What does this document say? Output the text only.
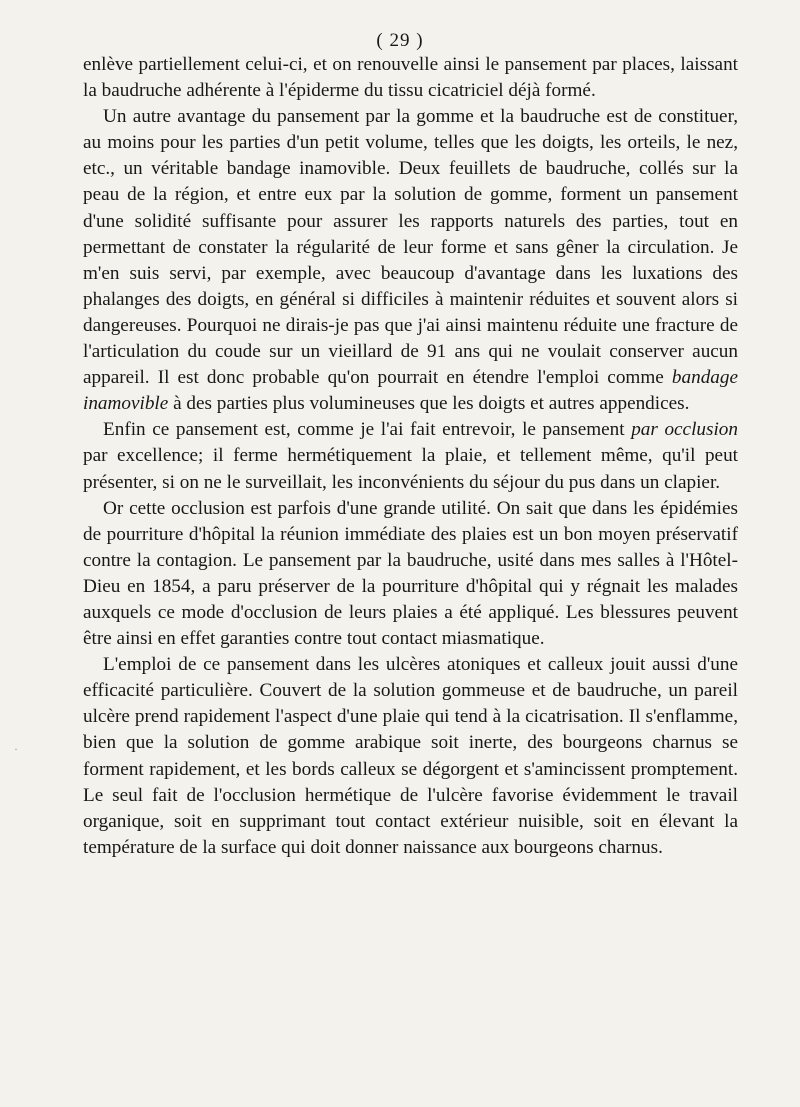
( 29 )
·

enlève partiellement celui-ci, et on renouvelle ainsi le pansement par places, laissant la baudruche adhérente à l'épiderme du tissu cicatriciel déjà formé.

Un autre avantage du pansement par la gomme et la baudruche est de constituer, au moins pour les parties d'un petit volume, telles que les doigts, les orteils, le nez, etc., un véritable bandage inamovible. Deux feuillets de baudruche, collés sur la peau de la région, et entre eux par la solution de gomme, forment un pansement d'une solidité suffisante pour assurer les rapports naturels des parties, tout en permettant de constater la régularité de leur forme et sans gêner la circulation. Je m'en suis servi, par exemple, avec beaucoup d'avantage dans les luxations des phalanges des doigts, en général si difficiles à maintenir réduites et souvent alors si dangereuses. Pourquoi ne dirais-je pas que j'ai ainsi maintenu réduite une fracture de l'articulation du coude sur un vieillard de 91 ans qui ne voulait conserver aucun appareil. Il est donc probable qu'on pourrait en étendre l'emploi comme bandage inamovible à des parties plus volumineuses que les doigts et autres appendices.

Enfin ce pansement est, comme je l'ai fait entrevoir, le pansement par occlusion par excellence; il ferme hermétiquement la plaie, et tellement même, qu'il peut présenter, si on ne le surveillait, les inconvénients du séjour du pus dans un clapier.

Or cette occlusion est parfois d'une grande utilité. On sait que dans les épidémies de pourriture d'hôpital la réunion immédiate des plaies est un bon moyen préservatif contre la contagion. Le pansement par la baudruche, usité dans mes salles à l'Hôtel-Dieu en 1854, a paru préserver de la pourriture d'hôpital qui y régnait les malades auxquels ce mode d'occlusion de leurs plaies a été appliqué. Les blessures peuvent être ainsi en effet garanties contre tout contact miasmatique.

L'emploi de ce pansement dans les ulcères atoniques et calleux jouit aussi d'une efficacité particulière. Couvert de la solution gommeuse et de baudruche, un pareil ulcère prend rapidement l'aspect d'une plaie qui tend à la cicatrisation. Il s'enflamme, bien que la solution de gomme arabique soit inerte, des bourgeons charnus se forment rapidement, et les bords calleux se dégorgent et s'amincissent promptement. Le seul fait de l'occlusion hermétique de l'ulcère favorise évidemment le travail organique, soit en supprimant tout contact extérieur nuisible, soit en élevant la température de la surface qui doit donner naissance aux bourgeons charnus.
